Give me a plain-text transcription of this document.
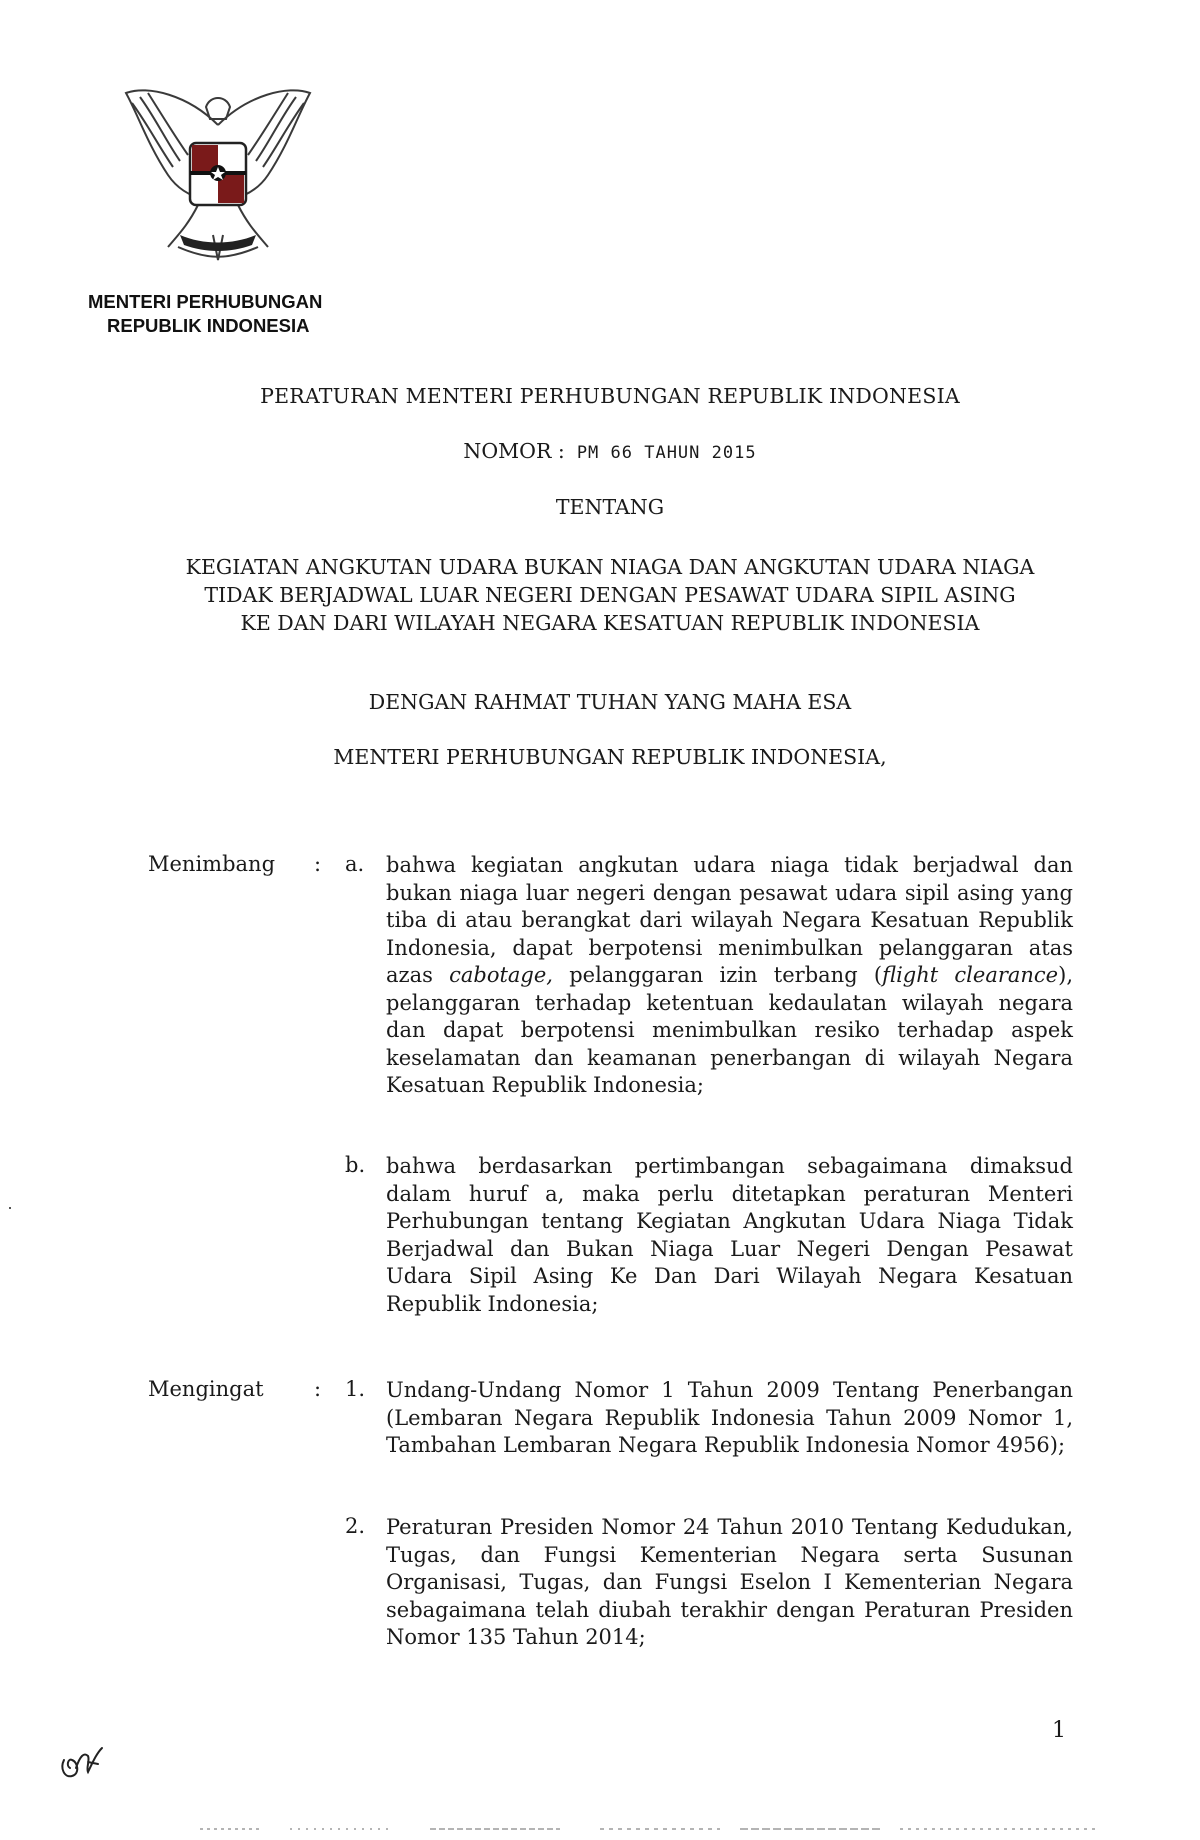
MENTERI PERHUBUNGAN
REPUBLIK INDONESIA
PERATURAN MENTERI PERHUBUNGAN REPUBLIK INDONESIA
NOMOR : PM 66 TAHUN 2015
TENTANG
KEGIATAN ANGKUTAN UDARA BUKAN NIAGA DAN ANGKUTAN UDARA NIAGA
TIDAK BERJADWAL LUAR NEGERI DENGAN PESAWAT UDARA SIPIL ASING
KE DAN DARI WILAYAH NEGARA KESATUAN REPUBLIK INDONESIA
DENGAN RAHMAT TUHAN YANG MAHA ESA
MENTERI PERHUBUNGAN REPUBLIK INDONESIA,
Menimbang : a. bahwa kegiatan angkutan udara niaga tidak berjadwal dan bukan niaga luar negeri dengan pesawat udara sipil asing yang tiba di atau berangkat dari wilayah Negara Kesatuan Republik Indonesia, dapat berpotensi menimbulkan pelanggaran atas azas cabotage, pelanggaran izin terbang (flight clearance), pelanggaran terhadap ketentuan kedaulatan wilayah negara dan dapat berpotensi menimbulkan resiko terhadap aspek keselamatan dan keamanan penerbangan di wilayah Negara Kesatuan Republik Indonesia;

b. bahwa berdasarkan pertimbangan sebagaimana dimaksud dalam huruf a, maka perlu ditetapkan peraturan Menteri Perhubungan tentang Kegiatan Angkutan Udara Niaga Tidak Berjadwal dan Bukan Niaga Luar Negeri Dengan Pesawat Udara Sipil Asing Ke Dan Dari Wilayah Negara Kesatuan Republik Indonesia;

Mengingat : 1. Undang-Undang Nomor 1 Tahun 2009 Tentang Penerbangan (Lembaran Negara Republik Indonesia Tahun 2009 Nomor 1, Tambahan Lembaran Negara Republik Indonesia Nomor 4956);

2. Peraturan Presiden Nomor 24 Tahun 2010 Tentang Kedudukan, Tugas, dan Fungsi Kementerian Negara serta Susunan Organisasi, Tugas, dan Fungsi Eselon I Kementerian Negara sebagaimana telah diubah terakhir dengan Peraturan Presiden Nomor 135 Tahun 2014;

1
